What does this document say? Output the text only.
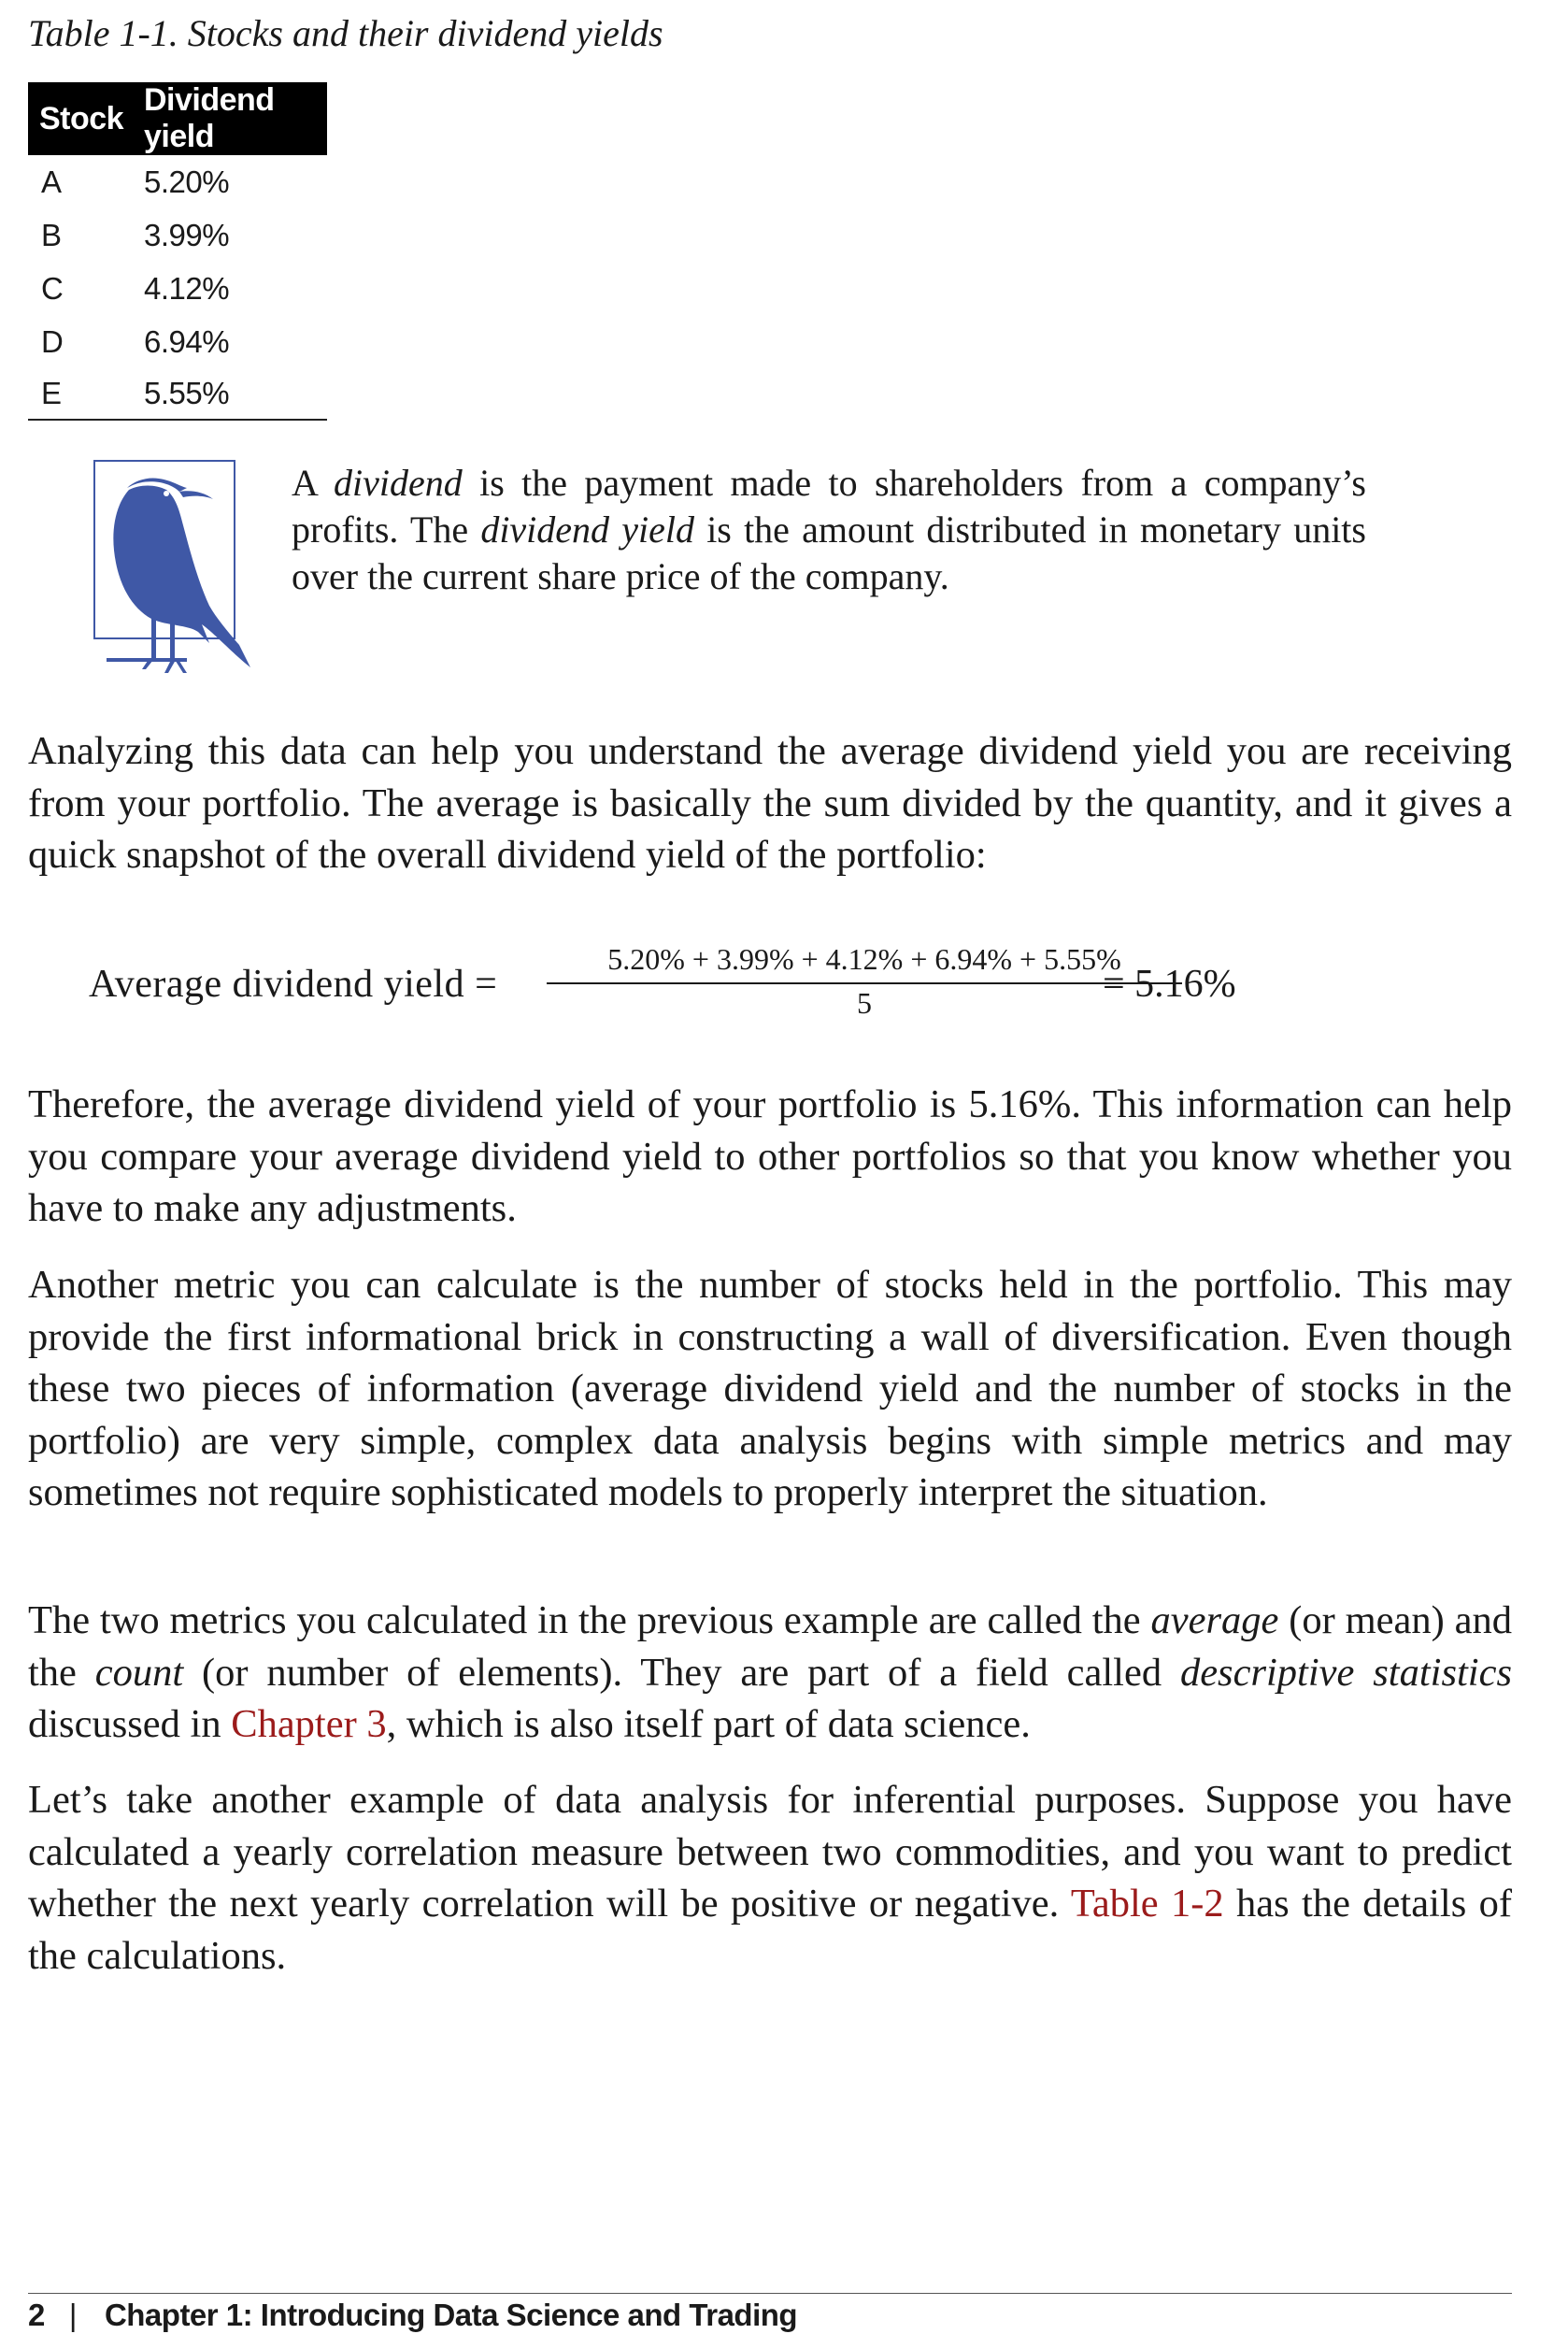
Table 1-1. Stocks and their dividend yields
Stock	Dividend yield
A	5.20%
B	3.99%
C	4.12%
D	6.94%
E	5.55%
A dividend is the payment made to shareholders from a company’s profits. The dividend yield is the amount distributed in monetary units over the current share price of the company.
Analyzing this data can help you understand the average dividend yield you are receiving from your portfolio. The average is basically the sum divided by the quantity, and it gives a quick snapshot of the overall dividend yield of the portfolio:
Average dividend yield =
5.20% + 3.99% + 4.12% + 6.94% + 5.55%
5	= 5.16%
Therefore, the average dividend yield of your portfolio is 5.16%. This information can help you compare your average dividend yield to other portfolios so that you know whether you have to make any adjustments.
Another metric you can calculate is the number of stocks held in the portfolio. This may provide the first informational brick in constructing a wall of diversification. Even though these two pieces of information (average dividend yield and the number of stocks in the portfolio) are very simple, complex data analysis begins with simple metrics and may sometimes not require sophisticated models to properly interpret the situation.
The two metrics you calculated in the previous example are called the average (or mean) and the count (or number of elements). They are part of a field called descriptive statistics discussed in Chapter 3, which is also itself part of data science.
Let’s take another example of data analysis for inferential purposes. Suppose you have calculated a yearly correlation measure between two commodities, and you want to predict whether the next yearly correlation will be positive or negative. Table 1-2 has the details of the calculations.
2 | Chapter 1: Introducing Data Science and Trading
